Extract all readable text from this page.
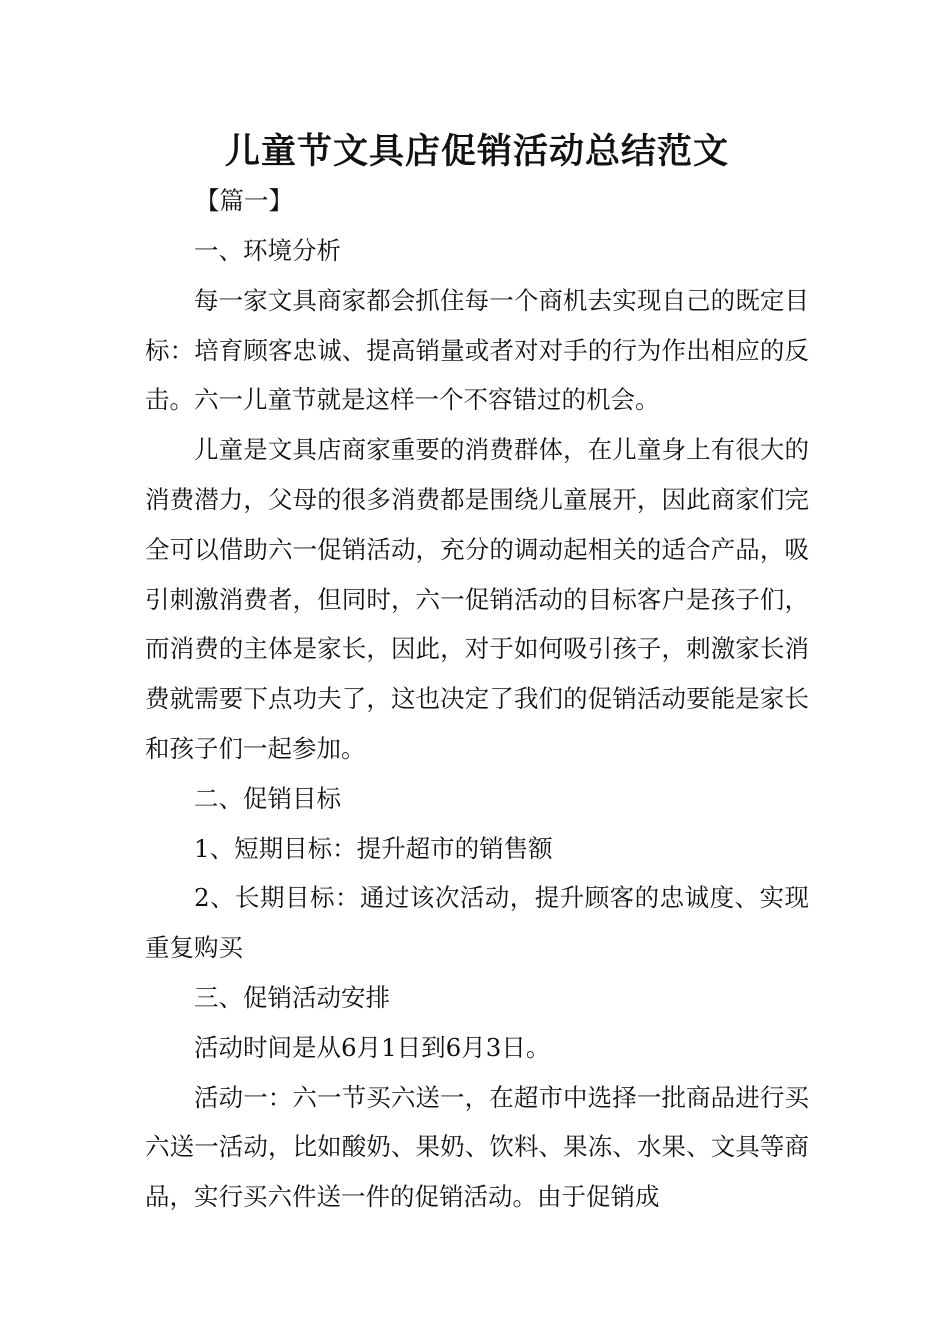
儿童节文具店促销活动总结范文

【篇一】

一、环境分析

每一家文具商家都会抓住每一个商机去实现自己的既定目标：培育顾客忠诚、提高销量或者对对手的行为作出相应的反击。六一儿童节就是这样一个不容错过的机会。

儿童是文具店商家重要的消费群体，在儿童身上有很大的消费潜力，父母的很多消费都是围绕儿童展开，因此商家们完全可以借助六一促销活动，充分的调动起相关的适合产品，吸引刺激消费者，但同时，六一促销活动的目标客户是孩子们，而消费的主体是家长，因此，对于如何吸引孩子，刺激家长消费就需要下点功夫了，这也决定了我们的促销活动要能是家长和孩子们一起参加。

二、促销目标

1、短期目标：提升超市的销售额

2、长期目标：通过该次活动，提升顾客的忠诚度、实现重复购买

三、促销活动安排

活动时间是从6月1日到6月3日。

活动一：六一节买六送一，在超市中选择一批商品进行买六送一活动，比如酸奶、果奶、饮料、果冻、水果、文具等商品，实行买六件送一件的促销活动。由于促销成
